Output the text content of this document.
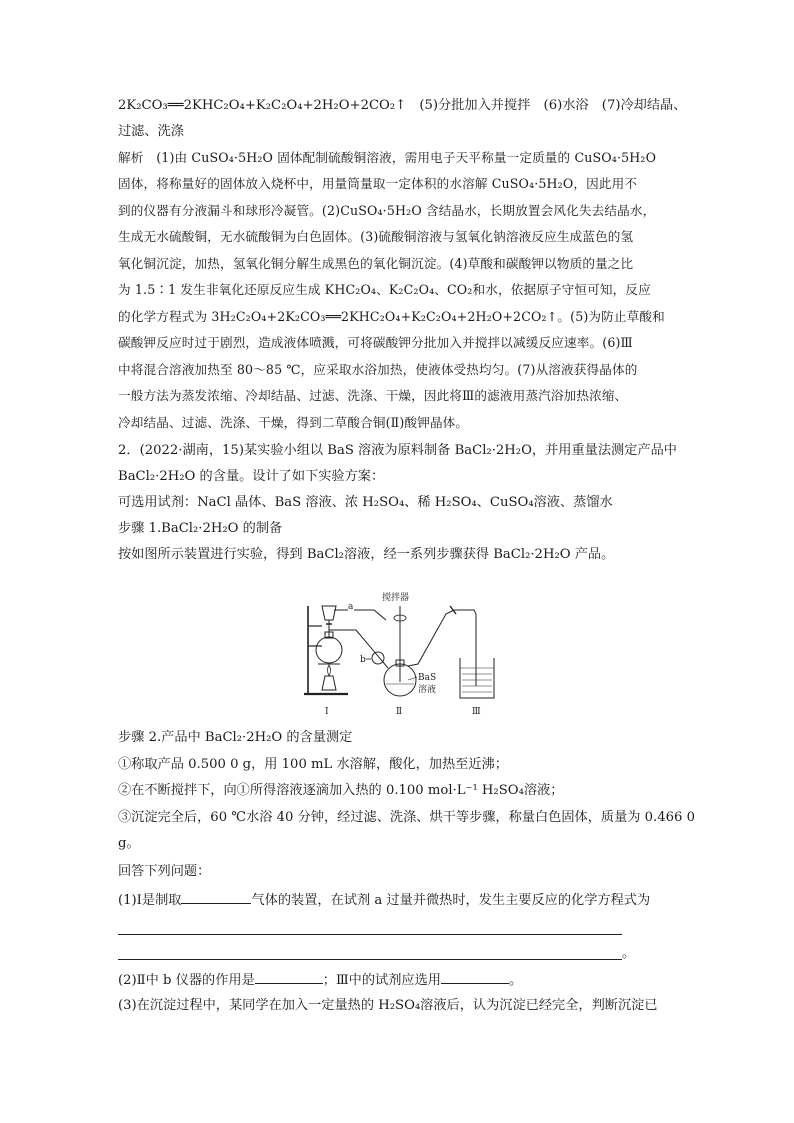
2K₂CO₃══2KHC₂O₄+K₂C₂O₄+2H₂O+2CO₂↑　(5)分批加入并搅拌　(6)水浴　(7)冷却结晶、
过滤、洗涤
解析　(1)由 CuSO₄·5H₂O 固体配制硫酸铜溶液，需用电子天平称量一定质量的 CuSO₄·5H₂O
固体，将称量好的固体放入烧杯中，用量筒量取一定体积的水溶解 CuSO₄·5H₂O，因此用不
到的仪器有分液漏斗和球形冷凝管。(2)CuSO₄·5H₂O 含结晶水，长期放置会风化失去结晶水，
生成无水硫酸铜，无水硫酸铜为白色固体。(3)硫酸铜溶液与氢氧化钠溶液反应生成蓝色的氢
氧化铜沉淀，加热，氢氧化铜分解生成黑色的氧化铜沉淀。(4)草酸和碳酸钾以物质的量之比
为 1.5∶1 发生非氧化还原反应生成 KHC₂O₄、K₂C₂O₄、CO₂和水，依据原子守恒可知，反应
的化学方程式为 3H₂C₂O₄+2K₂CO₃══2KHC₂O₄+K₂C₂O₄+2H₂O+2CO₂↑。(5)为防止草酸和
碳酸钾反应时过于剧烈，造成液体喷溅，可将碳酸钾分批加入并搅拌以减缓反应速率。(6)Ⅲ
中将混合溶液加热至 80～85 ℃，应采取水浴加热，使液体受热均匀。(7)从溶液获得晶体的
一般方法为蒸发浓缩、冷却结晶、过滤、洗涤、干燥，因此将Ⅲ的滤液用蒸汽浴加热浓缩、
冷却结晶、过滤、洗涤、干燥，得到二草酸合铜(Ⅱ)酸钾晶体。
2．(2022·湖南，15)某实验小组以 BaS 溶液为原料制备 BaCl₂·2H₂O，并用重量法测定产品中
BaCl₂·2H₂O 的含量。设计了如下实验方案：
可选用试剂：NaCl 晶体、BaS 溶液、浓 H₂SO₄、稀 H₂SO₄、CuSO₄溶液、蒸馏水
步骤 1.BaCl₂·2H₂O 的制备
按如图所示装置进行实验，得到 BaCl₂溶液，经一系列步骤获得 BaCl₂·2H₂O 产品。
a
b
搅拌器
BaS
溶液
Ⅰ	Ⅱ	Ⅲ
步骤 2.产品中 BaCl₂·2H₂O 的含量测定
①称取产品 0.500 0 g，用 100 mL 水溶解，酸化，加热至近沸；
②在不断搅拌下，向①所得溶液逐滴加入热的 0.100 mol·L⁻¹ H₂SO₄溶液；
③沉淀完全后，60 ℃水浴 40 分钟，经过滤、洗涤、烘干等步骤，称量白色固体，质量为 0.466 0
g。
回答下列问题：
(1)Ⅰ是制取	气体的装置，在试剂 a 过量并微热时，发生主要反应的化学方程式为
。
(2)Ⅱ中 b 仪器的作用是	；Ⅲ中的试剂应选用	。
(3)在沉淀过程中，某同学在加入一定量热的 H₂SO₄溶液后，认为沉淀已经完全，判断沉淀已
